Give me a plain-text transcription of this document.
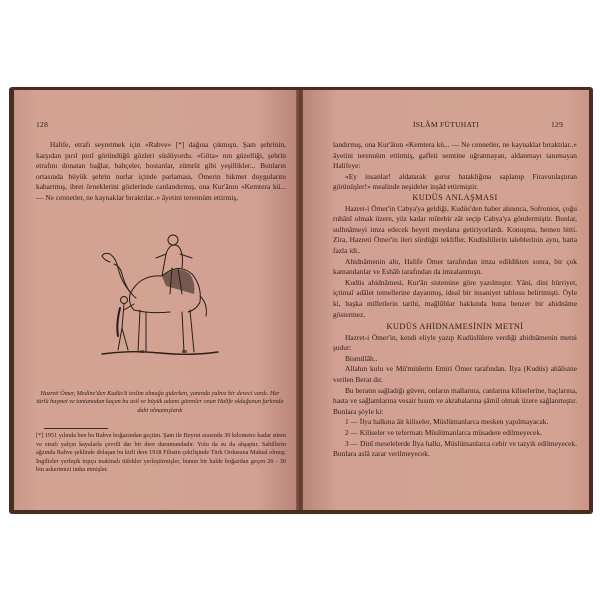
128

Halife, etrafı seyretmek için «Rabve» [*] dağına çıkmıştı. Şam şehrinin, karşıdan pırıl pırıl göründüğü gözleri süslüyordu. «Gûta» nın güzelliği, şehrin etrafını donatan bağlar, bahçeler, bostanlar, zümrüt gibi yeşillikler... Bunların ortasında büyük şehrin nurlar içinde parlaması, Ömerin hikmet duygularını kabartmış, ibret örneklerini gözlerinde canlandırmış, ona Kur'ânın «Kemtera kü... — Ne cennetler, ne kaynaklar bıraktılar..» âyetini terennüm ettirmiş,

Hazreti Ömer, Medine'den Kudüs'ü teslim almağa giderken, yanında yalnız bir deveci vardı. Her türlü haşmet ve tantanadan kaçan bu asil ve büyük adamı görenler onun Halife olduğunun farkında dahi olmamışlardı
[*] 1951 yılında ben bu Rabve boğazından geçtim. Şam ile Beyrut arasında 30 kilometre kadar süren ve etrafı yalçın kayalarla çevrili dar bir dere durumundadır. Yolu da su da ahşaptır. Sahillerin ağzında Rabve şeklinde dolaşan bu kirli dere 1918 Filistin çekilişinde Türk Ordusuna Maktal olmuş; İngilizler yerleşik topçu makinalı tüfekler yerleştirmişler, bunun bir halde boğazdan geçen 20 - 30 bin askerimizi imha etmişler.
İSLÂM FÜTUHATI	129

landırmış, ona Kur'ânın «Kemtera kü... — Ne cennetler, ne kaynaklar bıraktılar..» âyetini terennüm ettirmiş, gafleti semtine uğratmayan, aldanmayı tanımayan Halifeye:

«Ey insanlar! aldatarak gurur batakliğına saplanıp Firavunlaştıran görünüşler!» mealinde neşideler inşâd ettirmiştir.

KUDÜS ANLAŞMASI

Hazret-i Ömer'in Cabya'ya geldiği, Kudüs'den haber alınınca, Sofronios, çoğu ruhânî olmak üzere, yüz kadar mütebir zât seçip Cabya'ya göndermiştir. Bunlar, sulhnâmeyi imza edecek heyeti meydana getiriyorlardı. Konuşma, hemen bitti. Zira, Hazreti Ömer'in ileri sürdüğü teklifler, Kudüslülerin taleblerinin aynı, hatta fazla idi..

Ahidnâmenin altı, Halife Ömer tarafından imza edildikten sonra, bir çok kamandanlar ve Eshâb tarafından da imzalanmıştı.

Kudüs ahidnâmesi, Kur'ân sistemine göre yazılmıştır. Yâni, dini hürriyet, içtimaî adâlet temellerine dayanmış, ideal bir insaniyet tablosu belirtmişti. Öyle ki, başka milletlerin tarihi, mağlûblar hakkında buna benzer bir ahidnâme göstermez.

KUDÜS AHİDNAMESİNİN METNİ

Hazret-i Ömer'in, kendi eliyle yazıp Kudüslülere verdiği ahidnâmenin metni şudur:

Bismillâh..

Allahın kulu ve Mü'minlerin Emiri Ömer tarafından. İlya (Kudüs) ahâlisine verilen Berat dır.

Bu beratın sağladığı güven, onların mallarına, canlarına kiliselerine, haçlarına, hasta ve sağlamlarına vesair hısım ve akrabalarına şâmil olmak üzere sağlanmıştır. Bunlara şöyle ki:

1 — İlya halkına âit kiliseler, Müslümanlarca mesken yapılmayacak.

2 — Kiliseler ve teferruatı Müslümanlarca müsadere edilmeyecek.

3 — Dinî meselelerde İlya halkı, Müslümanlarca cebir ve tazyik edilmeyecek. Bunlara aslâ zarar verilmeyecek.
